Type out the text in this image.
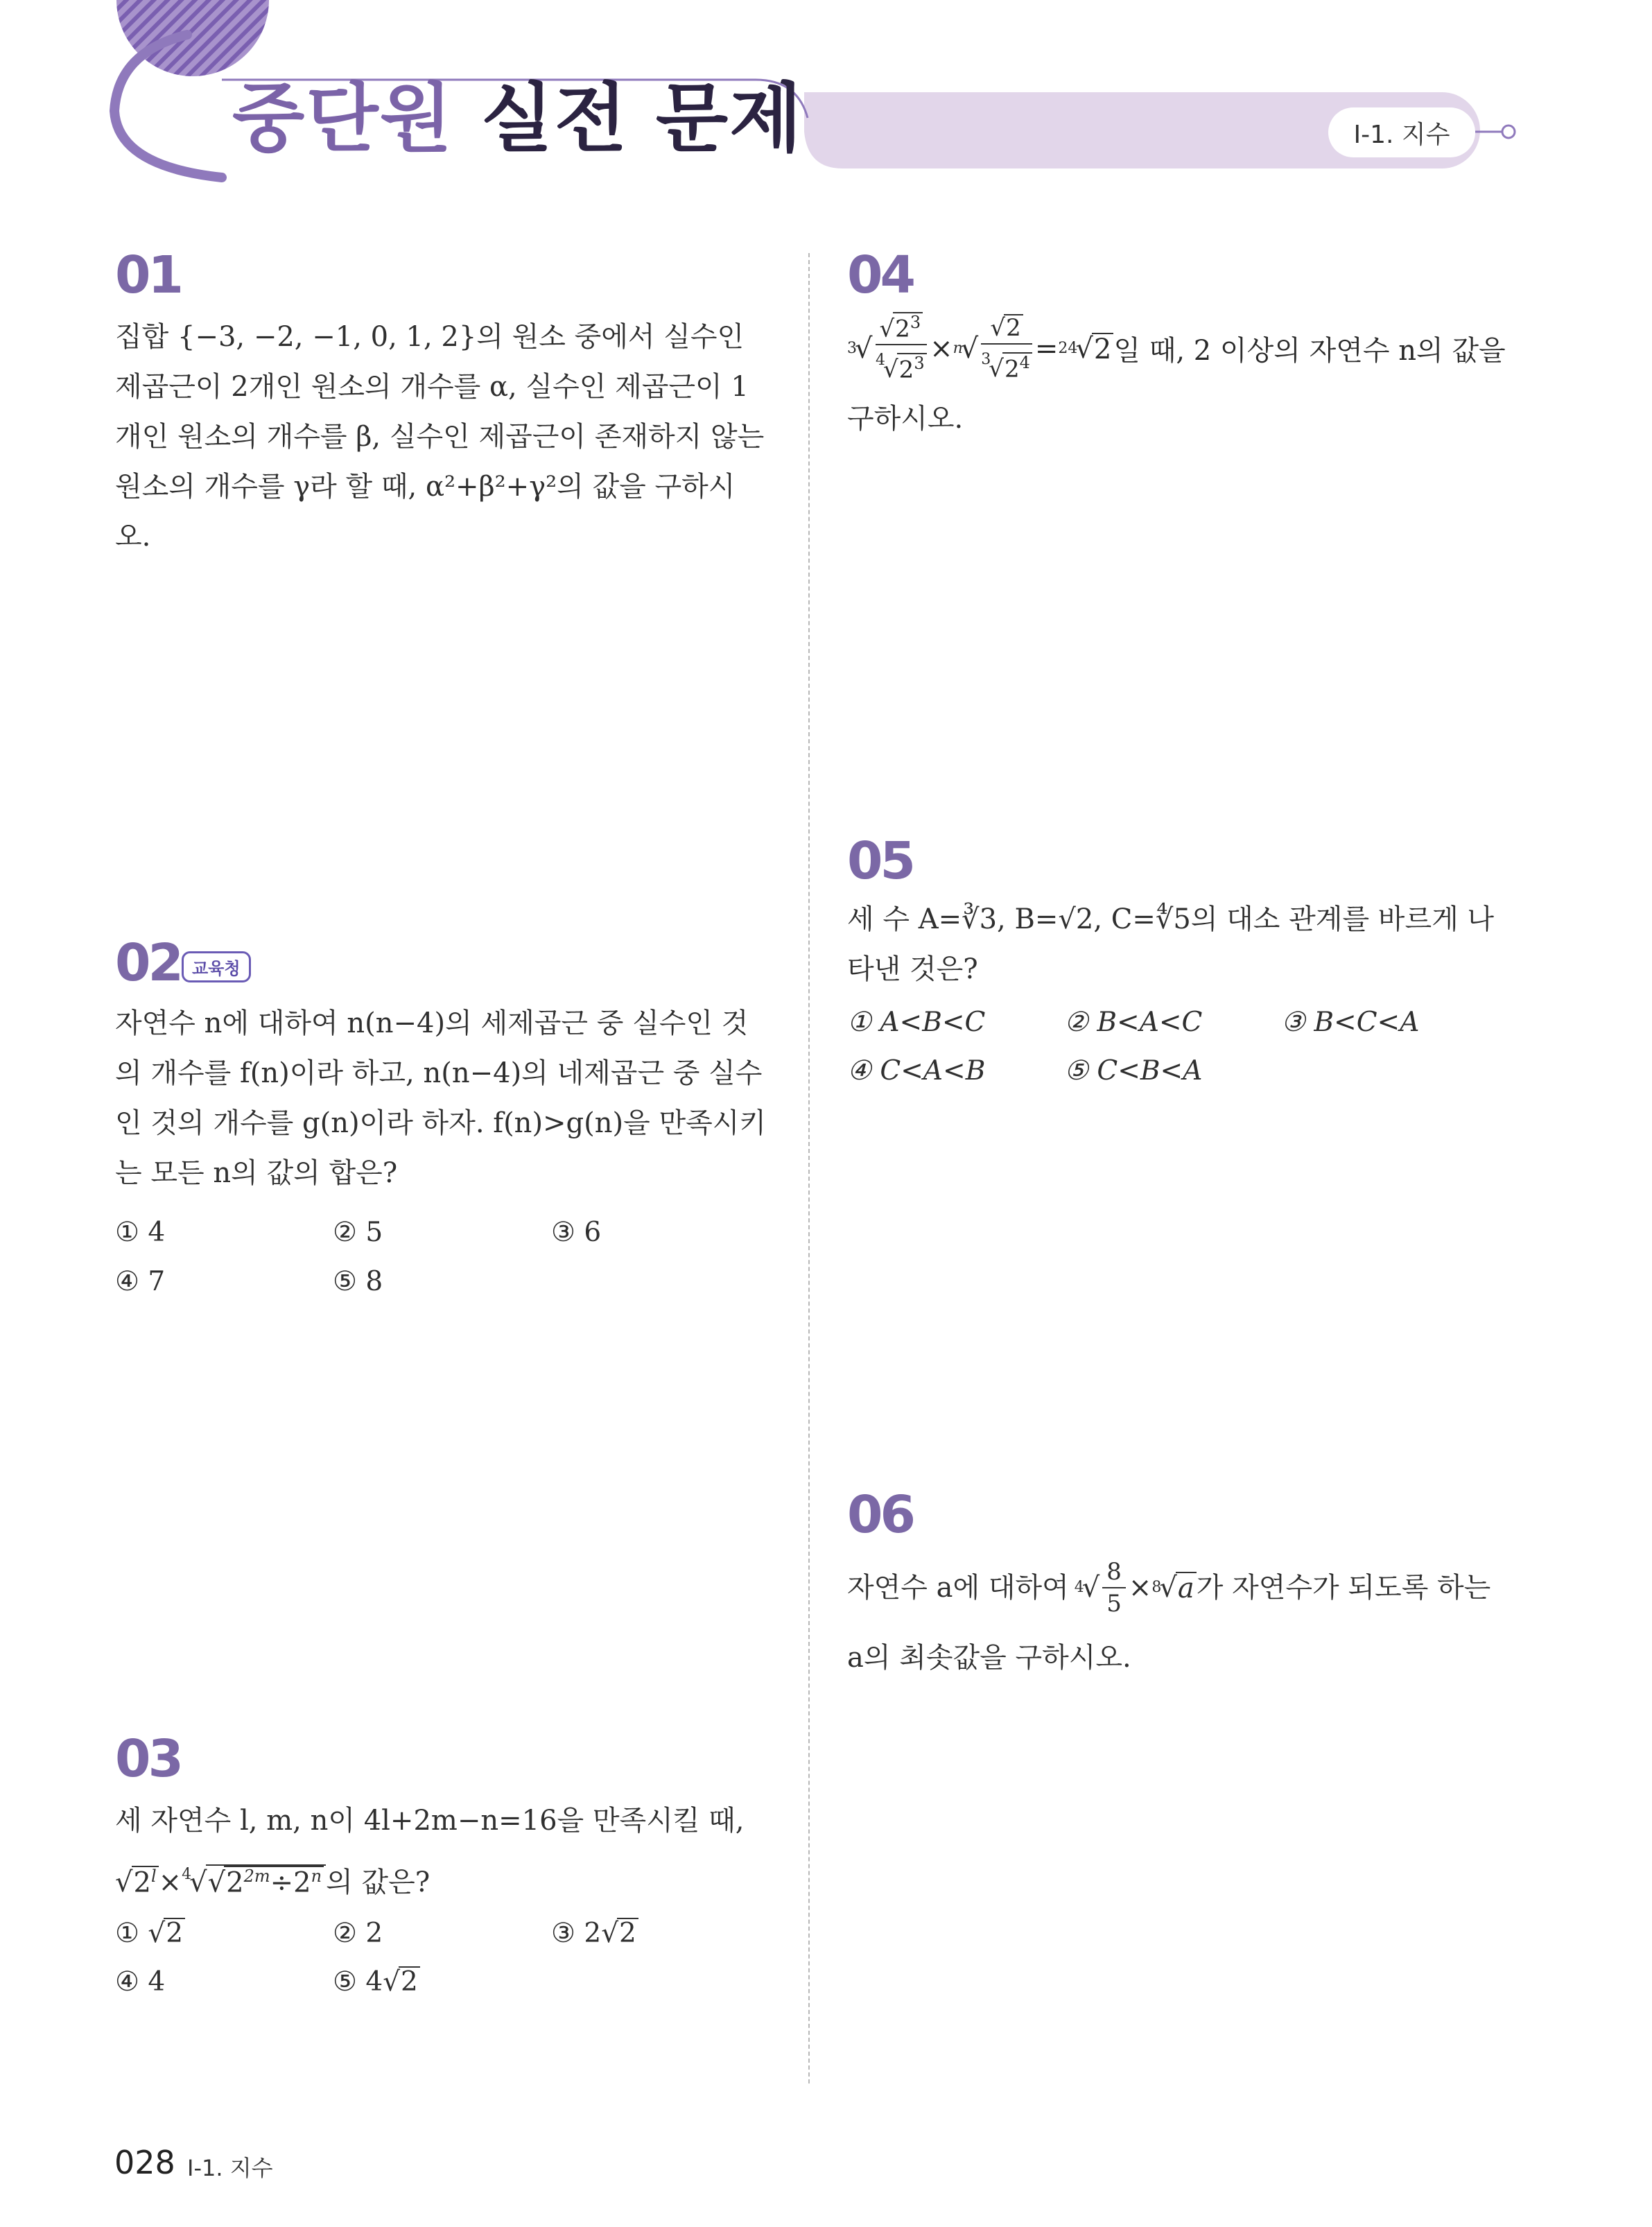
중단원 실전 문제	Ⅰ-1. 지수
01

집합 {−3, −2, −1, 0, 1, 2}의 원소 중에서 실수인 제곱근이 2개인 원소의 개수를 α, 실수인 제곱근이 1개인 원소의 개수를 β, 실수인 제곱근이 존재하지 않는 원소의 개수를 γ라 할 때, α²+β²+γ²의 값을 구하시오.

02 교육청

자연수 n에 대하여 n(n−4)의 세제곱근 중 실수인 것의 개수를 f(n)이라 하고, n(n−4)의 네제곱근 중 실수인 것의 개수를 g(n)이라 하자. f(n)>g(n)을 만족시키는 모든 n의 값의 합은?

① 4	② 5	③ 6
④ 7	⑤ 8
03

세 자연수 l, m, n이 4l+2m−n=16을 만족시킬 때,

$√2^l\times^4√√2^{2m}\div 2^n$ 의 값은?
① √2	② 2	③ 2√2
④ 4	⑤ 4√2
04
3
√ $\frac{√2^3}{^4√2^3} \times n$
√ $\frac{√2}{^3√2^4} = 24$
√ 2 일 때, 2 이상의 자연수 n의 값을

구하시오.

05

세 수 A=∛3, B=√2, C=∜5의 대소 관계를 바르게 나타낸 것은?

① A<B<C	② B<A<C	③ B<C<A
④ C<A<B	⑤ C<B<A
06
자연수 a에 대하여 4
√ $\frac{8}{5} \times 8$
√ a 가 자연수가 되도록 하는

a의 최솟값을 구하시오.

028 Ⅰ-1. 지수
